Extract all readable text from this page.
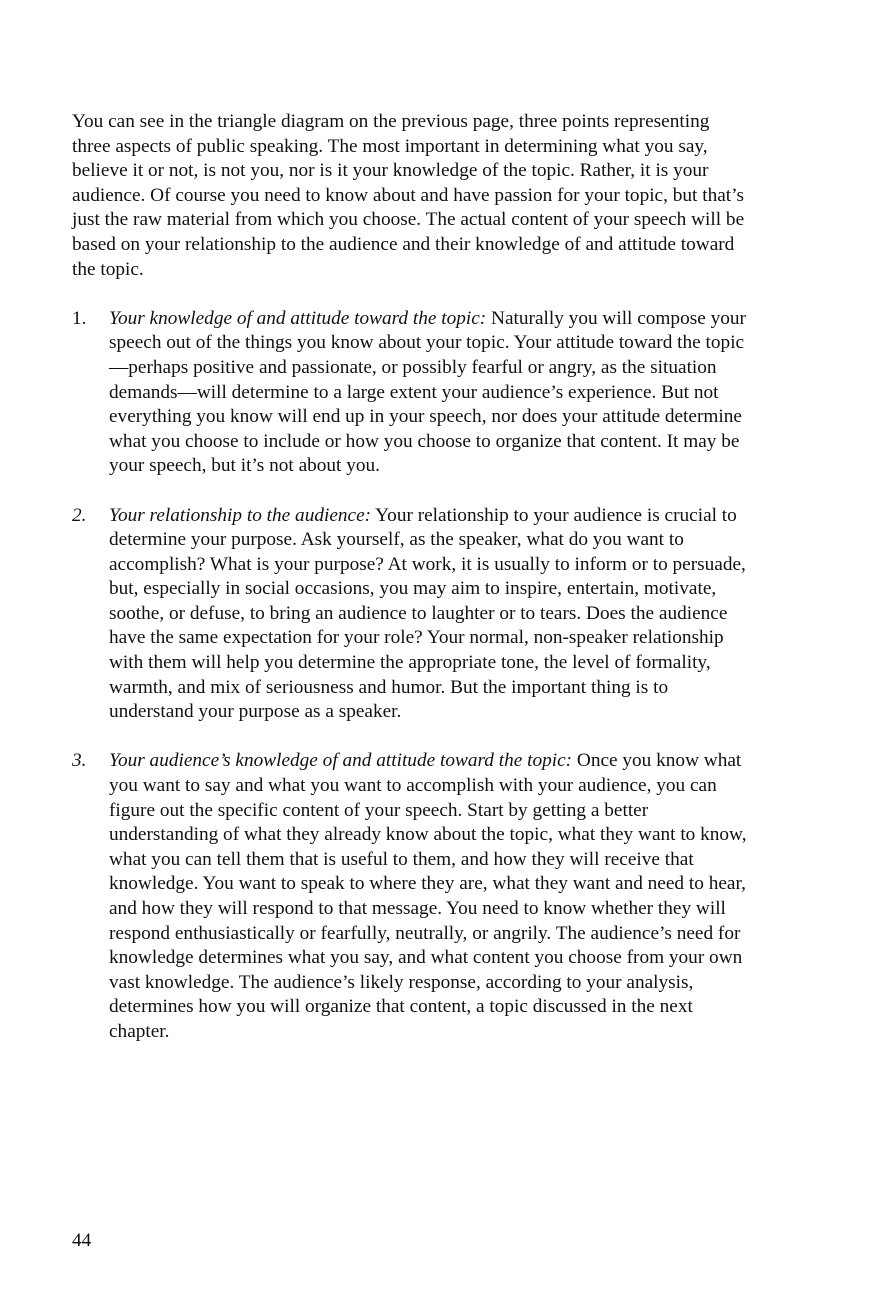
You can see in the triangle diagram on the previous page, three points representing three aspects of public speaking. The most important in determining what you say, believe it or not, is not you, nor is it your knowledge of the topic. Rather, it is your audience. Of course you need to know about and have passion for your topic, but that’s just the raw material from which you choose. The actual content of your speech will be based on your relationship to the audience and their knowledge of and attitude toward the topic.

1. Your knowledge of and attitude toward the topic: Naturally you will compose your speech out of the things you know about your topic. Your attitude toward the topic—perhaps positive and passionate, or possibly fearful or angry, as the situation demands—will determine to a large extent your audience’s experience. But not everything you know will end up in your speech, nor does your attitude determine what you choose to include or how you choose to organize that content. It may be your speech, but it’s not about you.
2. Your relationship to the audience: Your relationship to your audience is crucial to determine your purpose. Ask yourself, as the speaker, what do you want to accomplish? What is your purpose? At work, it is usually to inform or to persuade, but, especially in social occasions, you may aim to inspire, entertain, motivate, soothe, or defuse, to bring an audience to laughter or to tears. Does the audience have the same expectation for your role? Your normal, non-speaker relationship with them will help you determine the appropriate tone, the level of formality, warmth, and mix of seriousness and humor. But the important thing is to understand your purpose as a speaker.
3. Your audience’s knowledge of and attitude toward the topic: Once you know what you want to say and what you want to accomplish with your audience, you can figure out the specific content of your speech. Start by getting a better understanding of what they already know about the topic, what they want to know, what you can tell them that is useful to them, and how they will receive that knowledge. You want to speak to where they are, what they want and need to hear, and how they will respond to that message. You need to know whether they will respond enthusiastically or fearfully, neutrally, or angrily. The audience’s need for knowledge determines what you say, and what content you choose from your own vast knowledge. The audience’s likely response, according to your analysis, determines how you will organize that content, a topic discussed in the next chapter.
44
